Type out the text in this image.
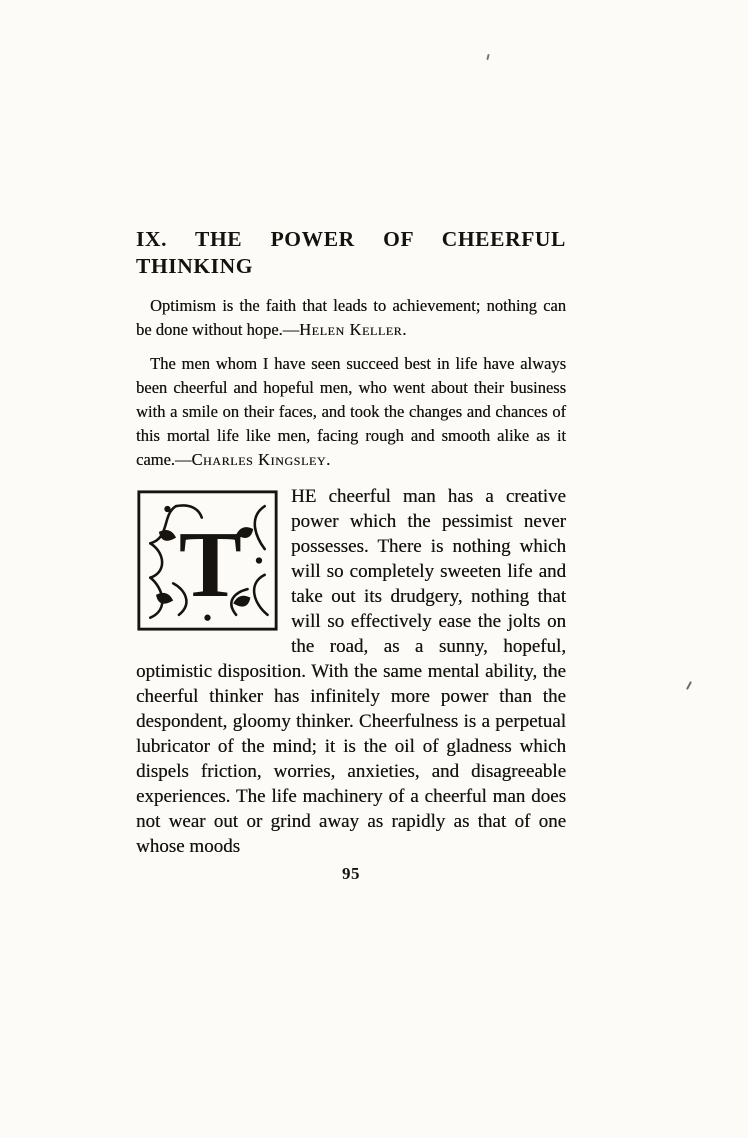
IX. THE POWER OF CHEERFUL
THINKING

Optimism is the faith that leads to achievement; nothing can be done without hope.—Helen Keller.

The men whom I have seen succeed best in life have always been cheerful and hopeful men, who went about their business with a smile on their faces, and took the changes and chances of this mortal life like men, facing rough and smooth alike as it came.—Charles Kingsley.

T
HE cheerful man has a creative power which the pessimist never possesses. There is nothing which will so completely sweeten life and take out its drudgery, nothing that will so effectively ease the jolts on the road, as a sunny, hopeful, optimistic disposition. With the same mental ability, the cheerful thinker has infinitely more power than the despondent, gloomy thinker. Cheerfulness is a perpetual lubricator of the mind; it is the oil of gladness which dispels friction, worries, anxieties, and disagreeable experiences. The life machinery of a cheerful man does not wear out or grind away as rapidly as that of one whose moods
95
